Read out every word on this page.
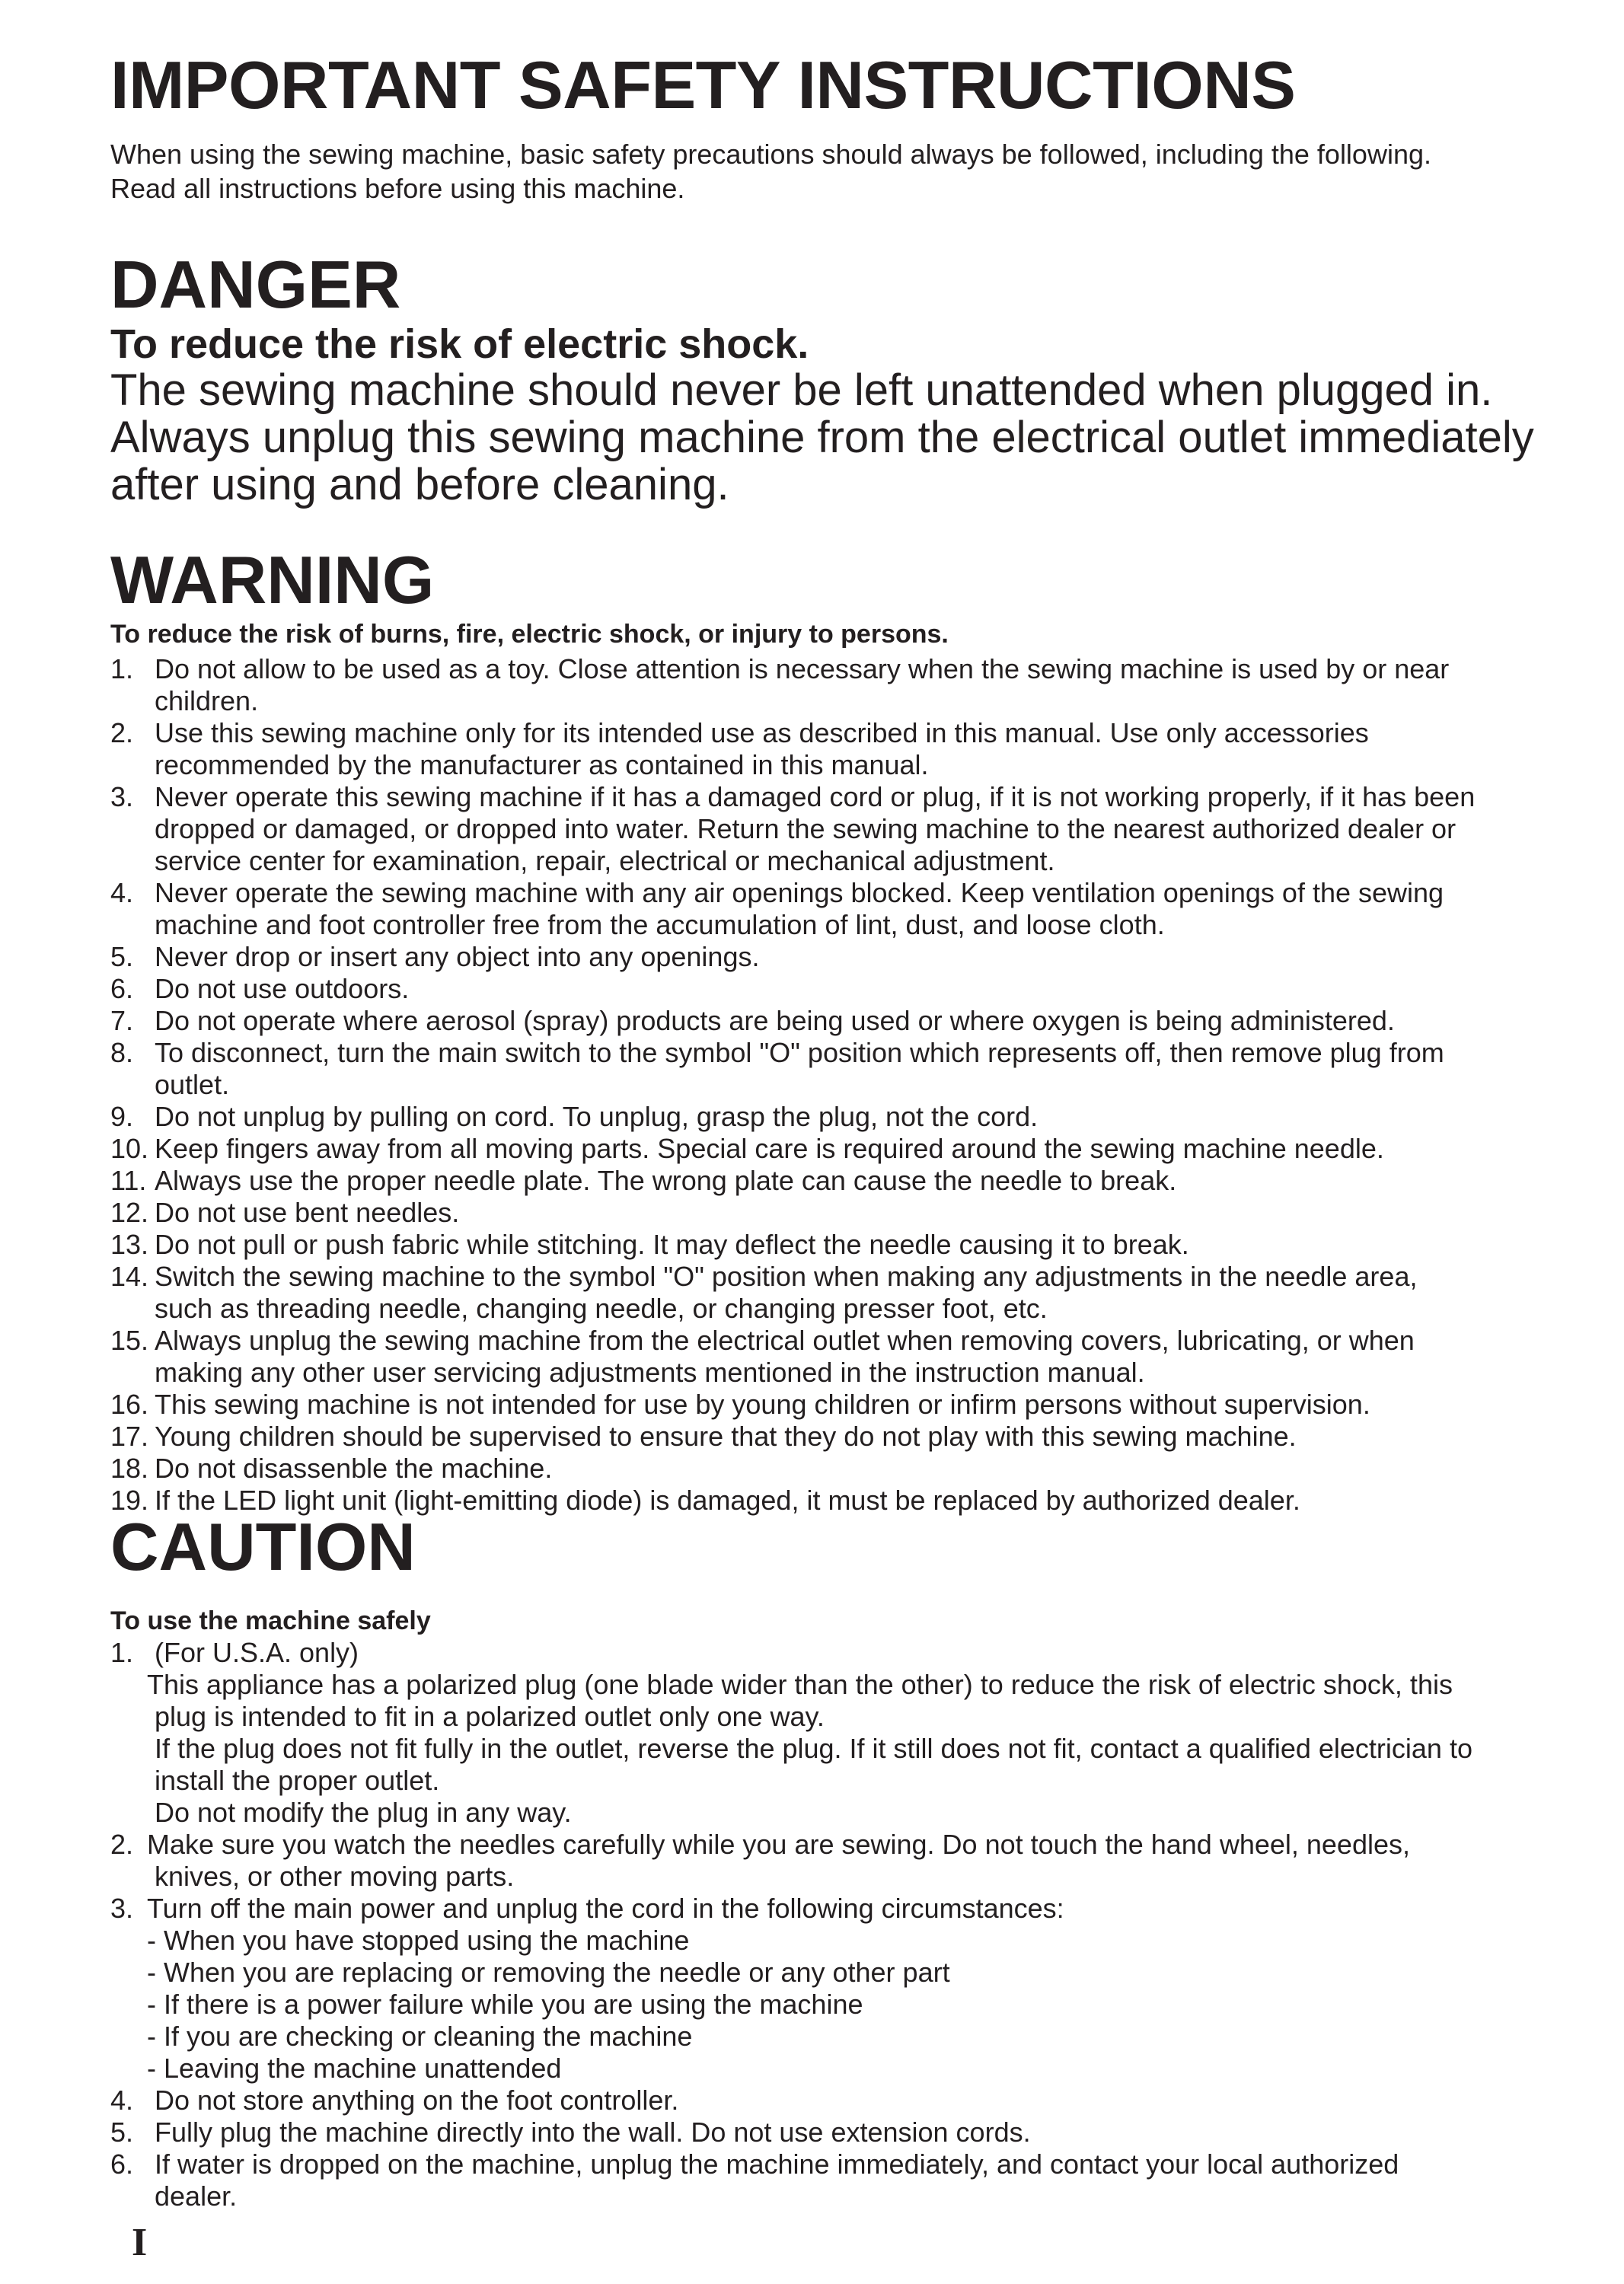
IMPORTANT SAFETY INSTRUCTIONS
When using the sewing machine, basic safety precautions should always be followed, including the following.
Read all instructions before using this machine.
DANGER
To reduce the risk of electric shock.
The sewing machine should never be left unattended when plugged in.
Always unplug this sewing machine from the electrical outlet immediately
after using and before cleaning.
WARNING
To reduce the risk of burns, fire, electric shock, or injury to persons.
1. Do not allow to be used as a toy. Close attention is necessary when the sewing machine is used by or near
children.
2. Use this sewing machine only for its intended use as described in this manual. Use only accessories
recommended by the manufacturer as contained in this manual.
3. Never operate this sewing machine if it has a damaged cord or plug, if it is not working properly, if it has been
dropped or damaged, or dropped into water. Return the sewing machine to the nearest authorized dealer or
service center for examination, repair, electrical or mechanical adjustment.
4. Never operate the sewing machine with any air openings blocked. Keep ventilation openings of the sewing
machine and foot controller free from the accumulation of lint, dust, and loose cloth.
5. Never drop or insert any object into any openings.
6. Do not use outdoors.
7. Do not operate where aerosol (spray) products are being used or where oxygen is being administered.
8. To disconnect, turn the main switch to the symbol "O" position which represents off, then remove plug from
outlet.
9. Do not unplug by pulling on cord. To unplug, grasp the plug, not the cord.
10. Keep fingers away from all moving parts. Special care is required around the sewing machine needle.
11. Always use the proper needle plate. The wrong plate can cause the needle to break.
12. Do not use bent needles.
13. Do not pull or push fabric while stitching. It may deflect the needle causing it to break.
14. Switch the sewing machine to the symbol "O" position when making any adjustments in the needle area,
such as threading needle, changing needle, or changing presser foot, etc.
15. Always unplug the sewing machine from the electrical outlet when removing covers, lubricating, or when
making any other user servicing adjustments mentioned in the instruction manual.
16. This sewing machine is not intended for use by young children or infirm persons without supervision.
17. Young children should be supervised to ensure that they do not play with this sewing machine.
18. Do not disassenble the machine.
19. If the LED light unit (light-emitting diode) is damaged, it must be replaced by authorized dealer.
CAUTION
To use the machine safely
1. (For U.S.A. only)
This appliance has a polarized plug (one blade wider than the other) to reduce the risk of electric shock, this
plug is intended to fit in a polarized outlet only one way.
If the plug does not fit fully in the outlet, reverse the plug. If it still does not fit, contact a qualified electrician to
install the proper outlet.
Do not modify the plug in any way.
2. Make sure you watch the needles carefully while you are sewing. Do not touch the hand wheel, needles,
knives, or other moving parts.
3. Turn off the main power and unplug the cord in the following circumstances:
- When you have stopped using the machine
- When you are replacing or removing the needle or any other part
- If there is a power failure while you are using the machine
- If you are checking or cleaning the machine
- Leaving the machine unattended
4. Do not store anything on the foot controller.
5. Fully plug the machine directly into the wall. Do not use extension cords.
6. If water is dropped on the machine, unplug the machine immediately, and contact your local authorized
dealer.
I
